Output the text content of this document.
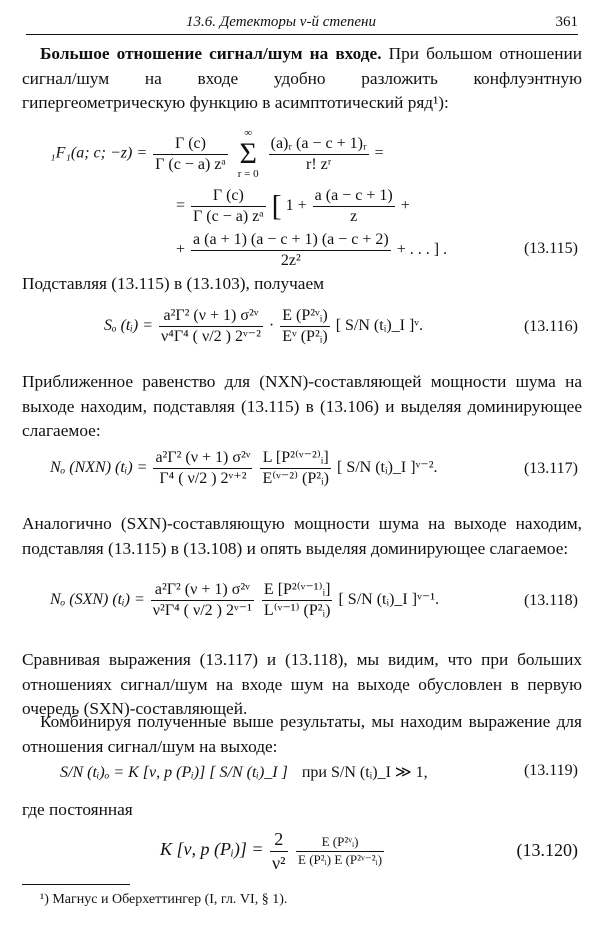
13.6. Детекторы ν-й степени	361
Большое отношение сигнал/шум на входе. При большом отношении сигнал/шум на входе удобно разложить конфлуэнтную гипергеометрическую функцию в асимптотический ряд¹):
₁F₁(a; c; $-z) = \frac{\Gamma (c)}{\text{Γ (c − a) zᵃ}}$

∞
Σ
r = 0
$\frac{\text{(a)ᵣ (a − c + 1)ᵣ}}{\text{r! zʳ}}$ =
= $\frac{\Gamma (c)}{\text{Γ (c − a) zᵃ}}$ [ $1 + \frac{a (a - c + 1)}{z}$ +
+ $\frac{a (a + 1) (a - c + 1) (a - c + 2)}{\text{2z²}}$ + . . . ] .	(13.115)
Подставляя (13.115) в (13.103), получаем
Sₒ (tᵢ) = $\frac{\text{a²Γ² (ν + 1) σ²ᵛ}}{\text{ν⁴Γ⁴ ( ν/2 ) 2ᵛ⁻²}} \cdot \frac{\text{E (P²ᵛᵢ)}}{\text{Eᵛ (P²ᵢ)}}$ [ S/N (tᵢ)_I ]ᵛ.	(13.116)
Приближенное равенство для (NXN)-составляющей мощности шума на выходе находим, подставляя (13.115) в (13.106) и выделяя доминирующее слагаемое:
Nₒ (NXN) (tᵢ) = $\frac{\text{a²Γ² (ν + 1) σ²ᵛ}}{\text{Γ⁴ ( ν/2 ) 2ᵛ⁺²}}$
$\frac{\text{L [P²⁽ᵛ⁻²⁾ᵢ]}}{\text{E⁽ᵛ⁻²⁾ (P²ᵢ)}}$ [ S/N (tᵢ)_I ]ᵛ⁻².	(13.117)
Аналогично (SXN)-составляющую мощности шума на выходе находим, подставляя (13.115) в (13.108) и опять выделяя доминирующее слагаемое:
Nₒ (SXN) (tᵢ) = $\frac{\text{a²Γ² (ν + 1) σ²ᵛ}}{\text{ν²Γ⁴ ( ν/2 ) 2ᵛ⁻¹}}$
$\frac{\text{E [P²⁽ᵛ⁻¹⁾ᵢ]}}{\text{L⁽ᵛ⁻¹⁾ (P²ᵢ)}}$ [ S/N (tᵢ)_I ]ᵛ⁻¹.	(13.118)
Сравнивая выражения (13.117) и (13.118), мы видим, что при больших отношениях сигнал/шум на входе шум на выходе обусловлен в первую очередь (SXN)-составляющей.
Комбинируя полученные выше результаты, мы находим выражение для отношения сигнал/шум на выходе:
S/N (tᵢ)ₒ = K [ν, p (Pᵢ)] [ S/N (tᵢ)_I ] при S/N (tᵢ)_I ≫ 1,	(13.119)
где постоянная
K [ν, p (Pᵢ)] = $\frac{2}{\text{ν²}}$
$\frac{\text{E (P²ᵛᵢ)}}{\text{E (P²ᵢ) E (P²ᵛ⁻²ᵢ)}}$	(13.120)
¹) Магнус и Оберхеттингер (I, гл. VI, § 1).
